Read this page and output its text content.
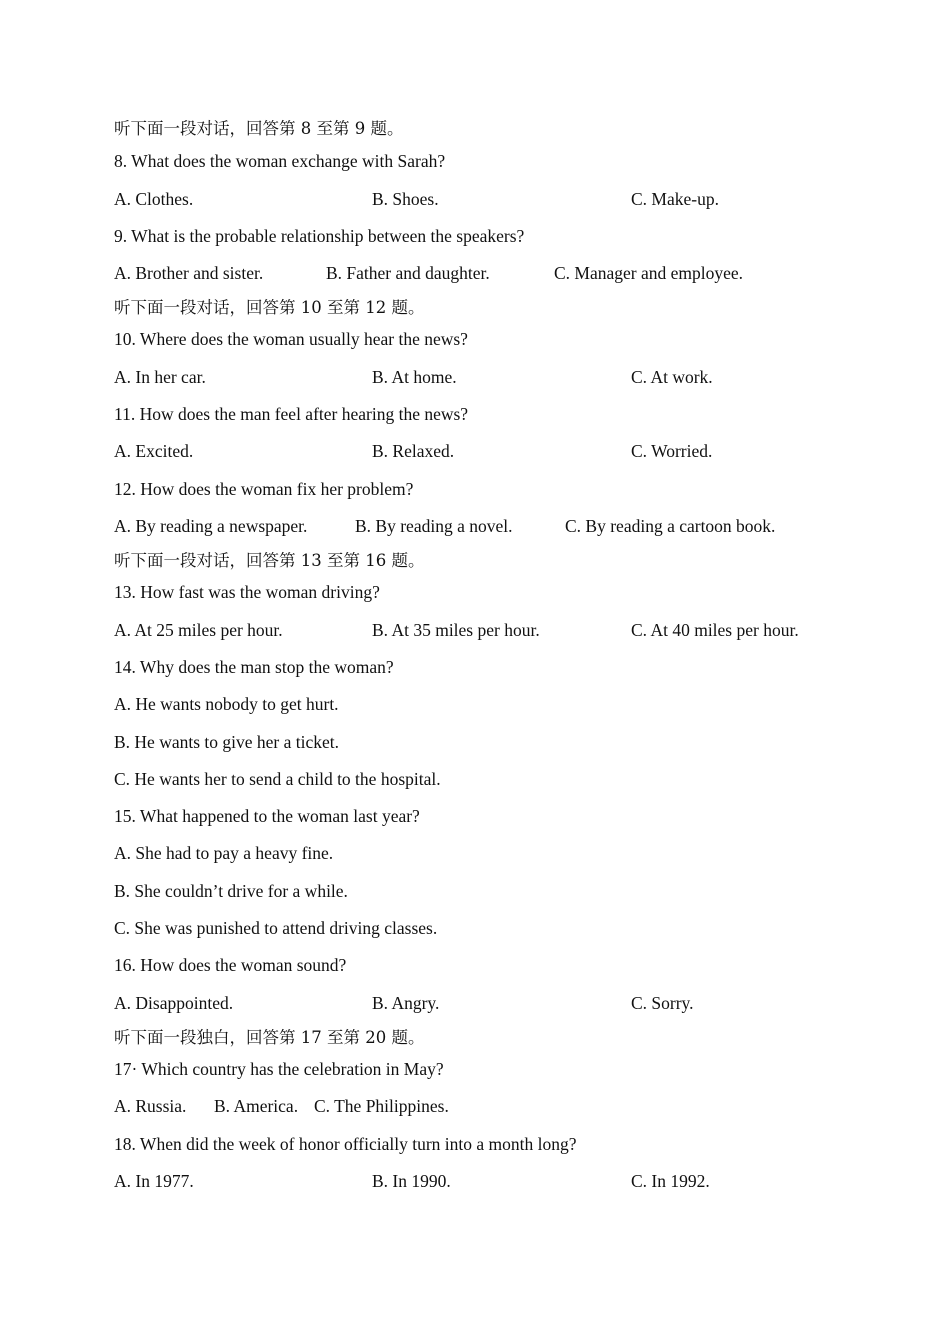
听下面一段对话，回答第 8 至第 9 题。
8. What does the woman exchange with Sarah?
A. Clothes.	B. Shoes.	C. Make-up.
9. What is the probable relationship between the speakers?
A. Brother and sister.	B. Father and daughter.	C. Manager and employee.
听下面一段对话，回答第 10 至第 12 题。
10. Where does the woman usually hear the news?
A. In her car.	B. At home.	C. At work.
11. How does the man feel after hearing the news?
A. Excited.	B. Relaxed.	C. Worried.
12. How does the woman fix her problem?
A. By reading a newspaper.	B. By reading a novel.	C. By reading a cartoon book.
听下面一段对话，回答第 13 至第 16 题。
13. How fast was the woman driving?
A. At 25 miles per hour.	B. At 35 miles per hour.	C. At 40 miles per hour.
14. Why does the man stop the woman?
A. He wants nobody to get hurt.
B. He wants to give her a ticket.
C. He wants her to send a child to the hospital.
15. What happened to the woman last year?
A. She had to pay a heavy fine.
B. She couldn’t drive for a while.
C. She was punished to attend driving classes.
16. How does the woman sound?
A. Disappointed.	B. Angry.	C. Sorry.
听下面一段独白，回答第 17 至第 20 题。
17· Which country has the celebration in May?
A. Russia. B. America. C. The Philippines.
18. When did the week of honor officially turn into a month long?
A. In 1977.	B. In 1990.	C. In 1992.
